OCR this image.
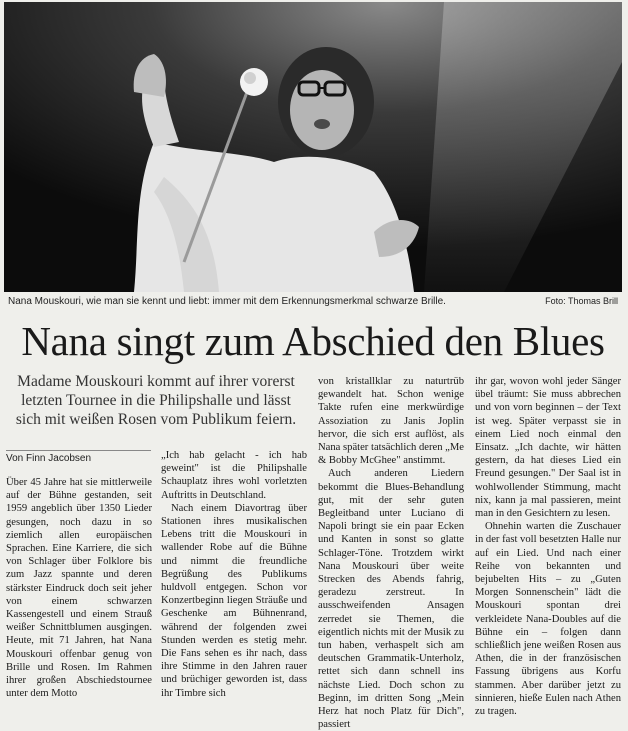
Nana Mouskouri, wie man sie kennt und liebt: immer mit dem Erkennungsmerkmal schwarze Brille.	Foto: Thomas Brill
Nana singt zum Abschied den Blues

Madame Mouskouri kommt auf ihrer vorerst letzten Tournee in die Philipshalle und lässt sich mit weißen Rosen vom Publikum feiern.

Von Finn Jacobsen

Über 45 Jahre hat sie mittlerweile auf der Bühne gestanden, seit 1959 angeblich über 1350 Lieder gesungen, noch dazu in so ziemlich allen europäischen Sprachen. Eine Karriere, die sich von Schlager über Folklore bis zum Jazz spannte und deren stärkster Eindruck doch seit jeher von einem schwarzen Kassengestell und einem Strauß weißer Schnittblumen ausgingen. Heute, mit 71 Jahren, hat Nana Mouskouri offenbar genug von Brille und Rosen. Im Rahmen ihrer großen Abschiedstournee unter dem Motto

„Ich hab gelacht - ich hab geweint" ist die Philipshalle Schauplatz ihres wohl vorletzten Auftritts in Deutschland.

Nach einem Diavortrag über Stationen ihres musikalischen Lebens tritt die Mouskouri in wallender Robe auf die Bühne und nimmt die freundliche Begrüßung des Publikums huldvoll entgegen. Schon vor Konzertbeginn liegen Sträuße und Geschenke am Bühnenrand, während der folgenden zwei Stunden werden es stetig mehr. Die Fans sehen es ihr nach, dass ihre Stimme in den Jahren rauer und brüchiger geworden ist, dass ihr Timbre sich

von kristallklar zu naturtrüb gewandelt hat. Schon wenige Takte rufen eine merkwürdige Assoziation zu Janis Joplin hervor, die sich erst auflöst, als Nana später tatsächlich deren „Me & Bobby McGhee" anstimmt.

Auch anderen Liedern bekommt die Blues-Behandlung gut, mit der sehr guten Begleitband unter Luciano di Napoli bringt sie ein paar Ecken und Kanten in sonst so glatte Schlager-Töne. Trotzdem wirkt Nana Mouskouri über weite Strecken des Abends fahrig, geradezu zerstreut. In ausschweifenden Ansagen zerredet sie Themen, die eigentlich nichts mit der Musik zu tun haben, verhaspelt sich am deutschen Grammatik-Unterholz, rettet sich dann schnell ins nächste Lied. Doch schon zu Beginn, im dritten Song „Mein Herz hat noch Platz für Dich", passiert

ihr gar, wovon wohl jeder Sänger übel träumt: Sie muss abbrechen und von vorn beginnen – der Text ist weg. Später verpasst sie in einem Lied noch einmal den Einsatz. „Ich dachte, wir hätten gestern, da hat dieses Lied ein Freund gesungen." Der Saal ist in wohlwollender Stimmung, macht nix, kann ja mal passieren, meint man in den Gesichtern zu lesen.

Ohnehin warten die Zuschauer in der fast voll besetzten Halle nur auf ein Lied. Und nach einer Reihe von bekannten und bejubelten Hits – zu „Guten Morgen Sonnenschein" lädt die Mouskouri spontan drei verkleidete Nana-Doubles auf die Bühne ein – folgen dann schließlich jene weißen Rosen aus Athen, die in der französischen Fassung übrigens aus Korfu stammen. Aber darüber jetzt zu sinnieren, hieße Eulen nach Athen zu tragen.
